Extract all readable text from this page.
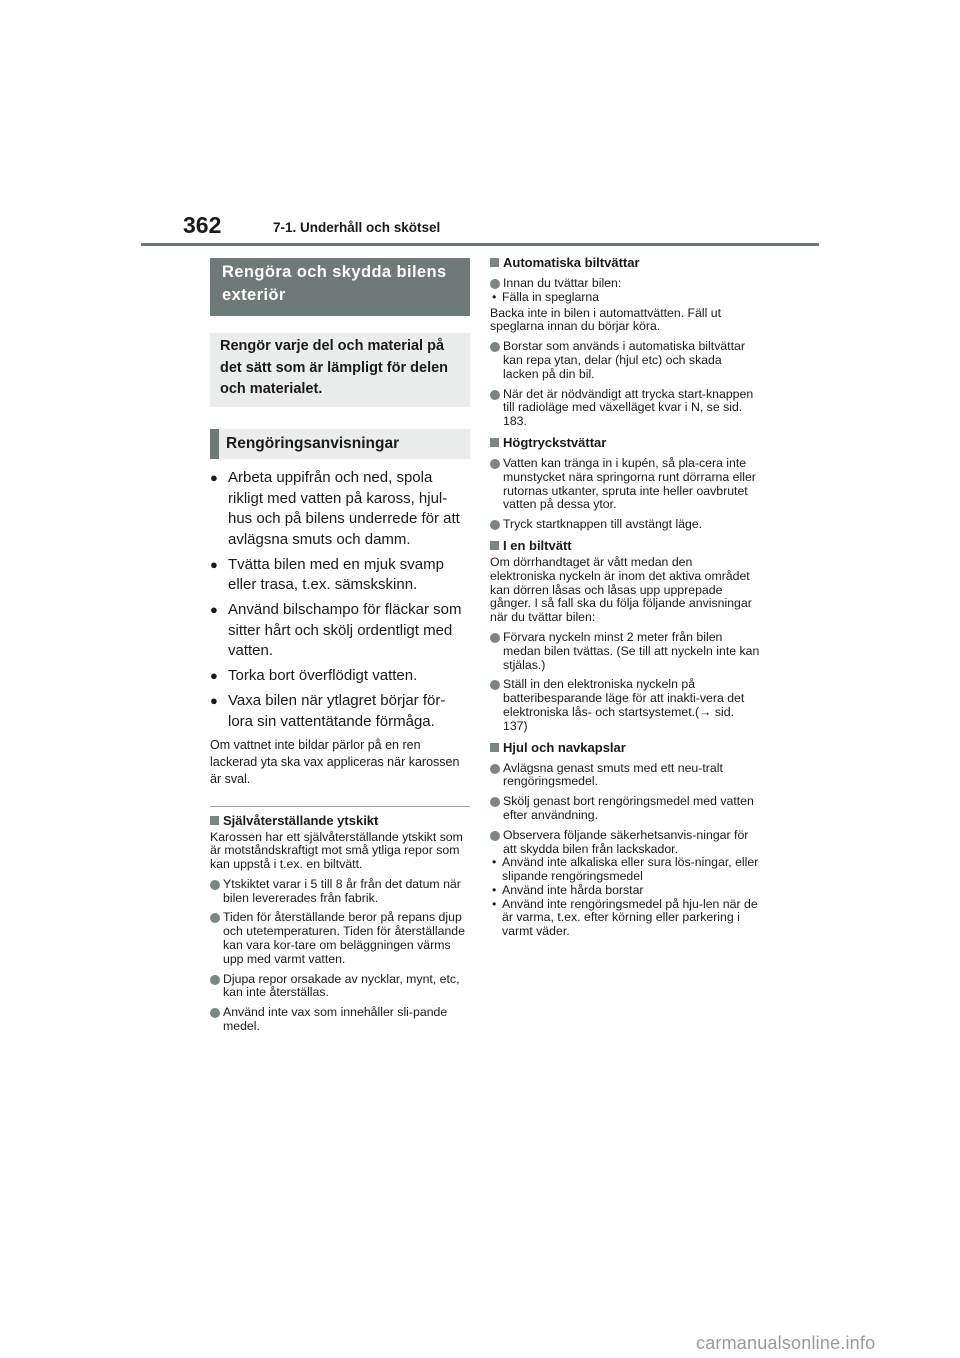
362	7-1. Underhåll och skötsel
Rengöra och skydda bilens exteriör
Rengör varje del och material på det sätt som är lämpligt för delen och materialet.
Rengöringsanvisningar
● Arbeta uppifrån och ned, spola rikligt med vatten på kaross, hjul-hus och på bilens underrede för att avlägsna smuts och damm.
● Tvätta bilen med en mjuk svamp eller trasa, t.ex. sämskskinn.
● Använd bilschampo för fläckar som sitter hårt och skölj ordentligt med vatten.
● Torka bort överflödigt vatten.
● Vaxa bilen när ytlagret börjar för-lora sin vattentätande förmåga.
Om vattnet inte bildar pärlor på en ren lackerad yta ska vax appliceras när karossen är sval.
Självåterställande ytskikt
Karossen har ett självåterställande ytskikt som är motståndskraftigt mot små ytliga repor som kan uppstå i t.ex. en biltvätt.
Ytskiktet varar i 5 till 8 år från det datum när bilen levererades från fabrik.
Tiden för återställande beror på repans djup och utetemperaturen. Tiden för återställande kan vara kor-tare om beläggningen värms upp med varmt vatten.
Djupa repor orsakade av nycklar, mynt, etc, kan inte återställas.
Använd inte vax som innehåller sli-pande medel.
Automatiska biltvättar
Innan du tvättar bilen:
• Fälla in speglarna
Backa inte in bilen i automattvätten. Fäll ut speglarna innan du börjar köra.
Borstar som används i automatiska biltvättar kan repa ytan, delar (hjul etc) och skada lacken på din bil.
När det är nödvändigt att trycka start-knappen till radioläge med växelläget kvar i N, se sid. 183.
Högtryckstvättar
Vatten kan tränga in i kupén, så pla-cera inte munstycket nära springorna runt dörrarna eller rutornas utkanter, spruta inte heller oavbrutet vatten på dessa ytor.
Tryck startknappen till avstängt läge.
I en biltvätt
Om dörrhandtaget är vått medan den elektroniska nyckeln är inom det aktiva området kan dörren låsas och låsas upp upprepade gånger. I så fall ska du följa följande anvisningar när du tvättar bilen:
Förvara nyckeln minst 2 meter från bilen medan bilen tvättas. (Se till att nyckeln inte kan stjälas.)
Ställ in den elektroniska nyckeln på batteribesparande läge för att inakti-vera det elektroniska lås- och startsystemet.(→ sid. 137)
Hjul och navkapslar
Avlägsna genast smuts med ett neu-tralt rengöringsmedel.
Skölj genast bort rengöringsmedel med vatten efter användning.
Observera följande säkerhetsanvis-ningar för att skydda bilen från lackskador.
• Använd inte alkaliska eller sura lös-ningar, eller slipande rengöringsmedel
• Använd inte hårda borstar
• Använd inte rengöringsmedel på hju-len när de är varma, t.ex. efter körning eller parkering i varmt väder.
carmanualsonline.info
